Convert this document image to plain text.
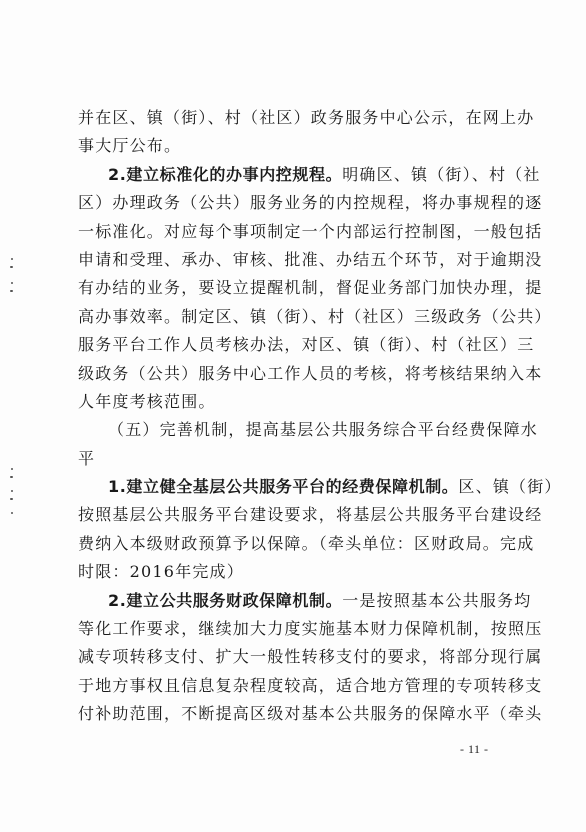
并在区、镇（街）、村（社区）政务服务中心公示，在网上办
事大厅公布。
2.建立标准化的办事内控规程。明确区、镇（街）、村（社
区）办理政务（公共）服务业务的内控规程，将办事规程的逐
一标准化。对应每个事项制定一个内部运行控制图，一般包括
申请和受理、承办、审核、批准、办结五个环节，对于逾期没
有办结的业务，要设立提醒机制，督促业务部门加快办理，提
高办事效率。制定区、镇（街）、村（社区）三级政务（公共）
服务平台工作人员考核办法，对区、镇（街）、村（社区）三
级政务（公共）服务中心工作人员的考核，将考核结果纳入本
人年度考核范围。
（五）完善机制，提高基层公共服务综合平台经费保障水
平
1.建立健全基层公共服务平台的经费保障机制。区、镇（街）
按照基层公共服务平台建设要求，将基层公共服务平台建设经
费纳入本级财政预算予以保障。（牵头单位：区财政局。完成
时限：2016年完成）
2.建立公共服务财政保障机制。一是按照基本公共服务均
等化工作要求，继续加大力度实施基本财力保障机制，按照压
减专项转移支付、扩大一般性转移支付的要求，将部分现行属
于地方事权且信息复杂程度较高，适合地方管理的专项转移支
付补助范围，不断提高区级对基本公共服务的保障水平（牵头
- 11 -
